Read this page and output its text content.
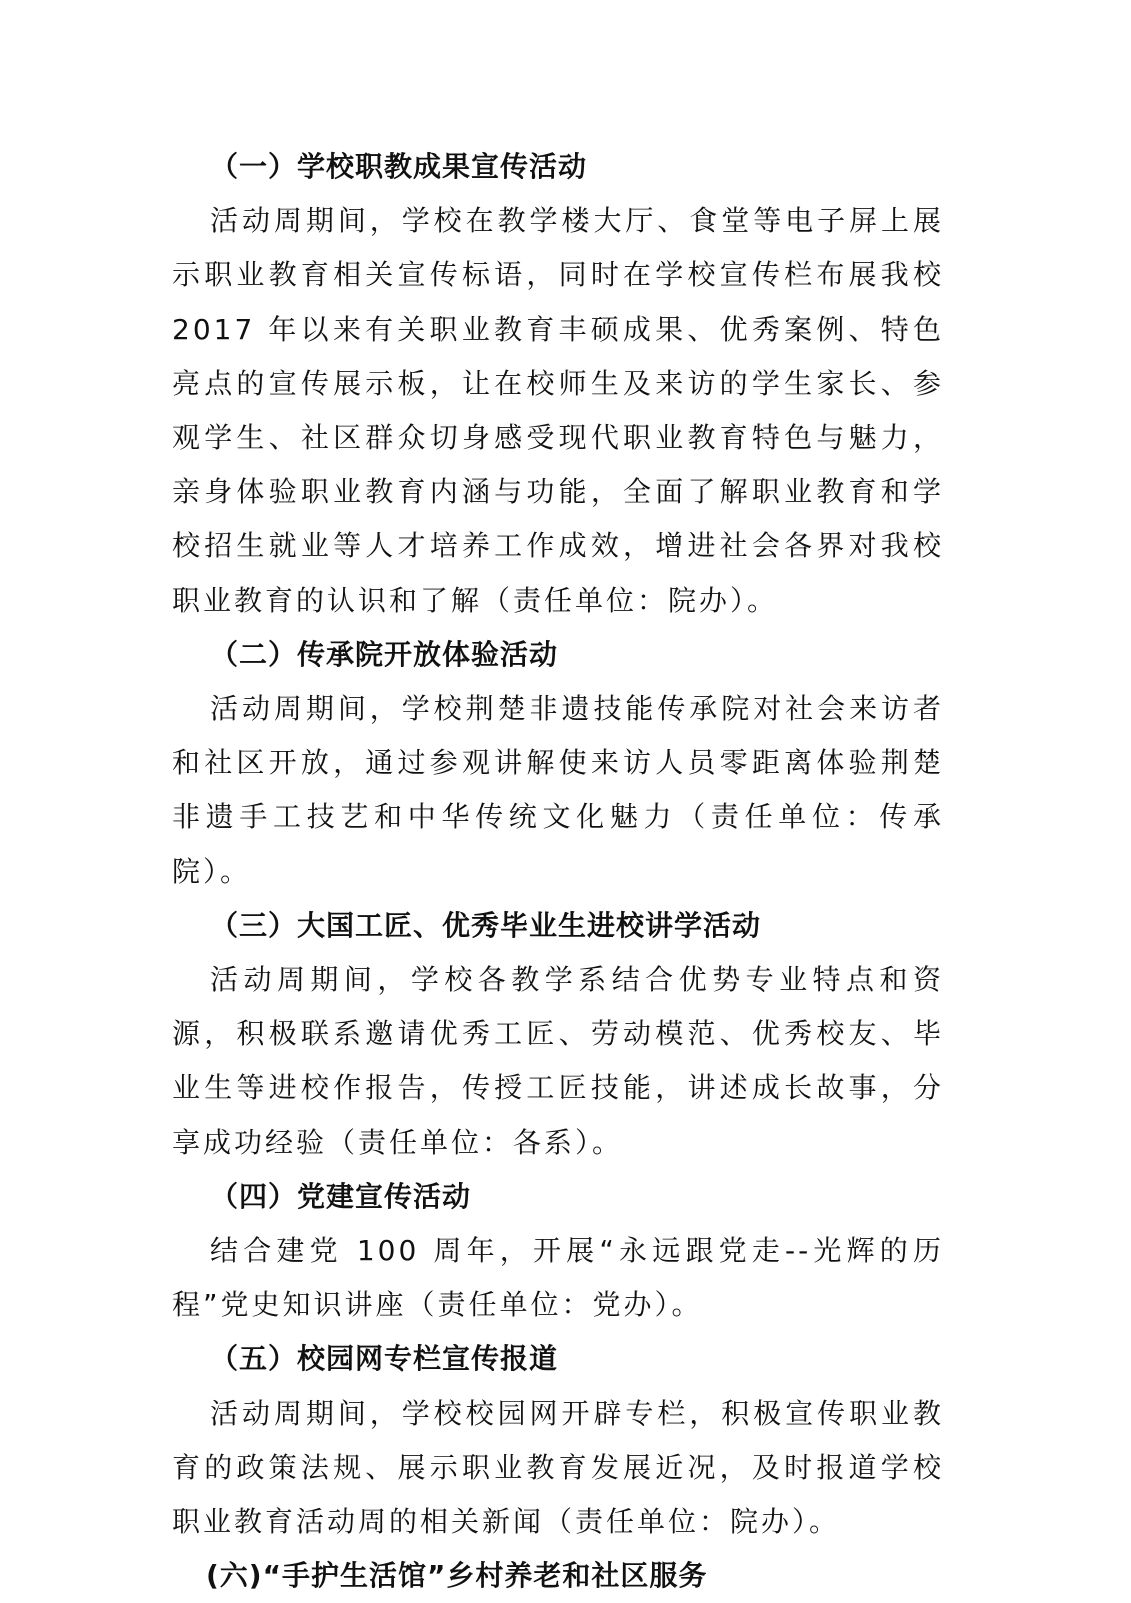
（一）学校职教成果宣传活动

活动周期间，学校在教学楼大厅、食堂等电子屏上展示职业教育相关宣传标语，同时在学校宣传栏布展我校 2017 年以来有关职业教育丰硕成果、优秀案例、特色亮点的宣传展示板，让在校师生及来访的学生家长、参观学生、社区群众切身感受现代职业教育特色与魅力，亲身体验职业教育内涵与功能，全面了解职业教育和学校招生就业等人才培养工作成效，增进社会各界对我校职业教育的认识和了解（责任单位：院办）。

（二）传承院开放体验活动

活动周期间，学校荆楚非遗技能传承院对社会来访者和社区开放，通过参观讲解使来访人员零距离体验荆楚非遗手工技艺和中华传统文化魅力（责任单位：传承院）。

（三）大国工匠、优秀毕业生进校讲学活动

活动周期间，学校各教学系结合优势专业特点和资源，积极联系邀请优秀工匠、劳动模范、优秀校友、毕业生等进校作报告，传授工匠技能，讲述成长故事，分享成功经验（责任单位：各系）。

（四）党建宣传活动

结合建党 100 周年，开展“永远跟党走--光辉的历程”党史知识讲座（责任单位：党办）。

（五）校园网专栏宣传报道

活动周期间，学校校园网开辟专栏，积极宣传职业教育的政策法规、展示职业教育发展近况，及时报道学校职业教育活动周的相关新闻（责任单位：院办）。

(六)“手护生活馆”乡村养老和社区服务
